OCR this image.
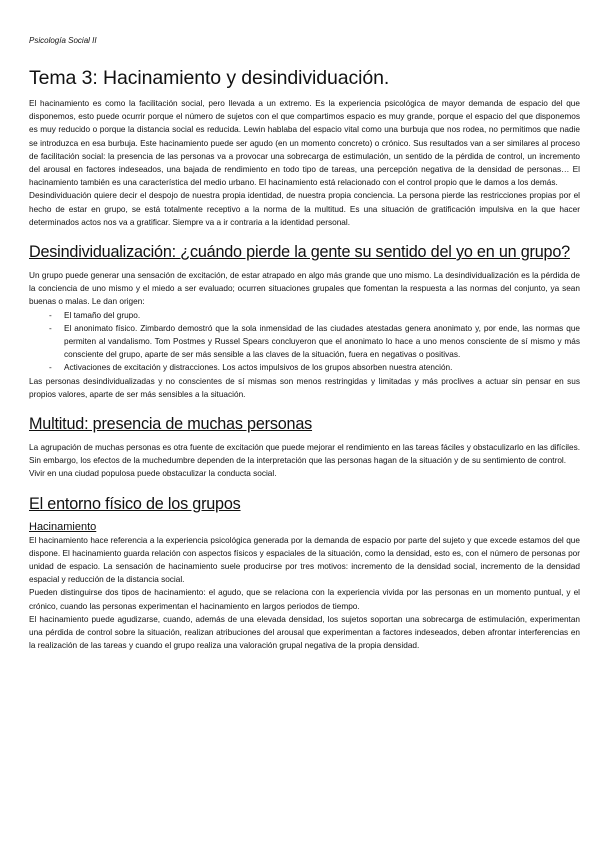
Psicología Social II
Tema 3: Hacinamiento y desindividuación.

El hacinamiento es como la facilitación social, pero llevada a un extremo. Es la experiencia psicológica de mayor demanda de espacio del que disponemos, esto puede ocurrir porque el número de sujetos con el que compartimos espacio es muy grande, porque el espacio del que disponemos es muy reducido o porque la distancia social es reducida. Lewin hablaba del espacio vital como una burbuja que nos rodea, no permitimos que nadie se introduzca en esa burbuja. Este hacinamiento puede ser agudo (en un momento concreto) o crónico. Sus resultados van a ser similares al proceso de facilitación social: la presencia de las personas va a provocar una sobrecarga de estimulación, un sentido de la pérdida de control, un incremento del arousal en factores indeseados, una bajada de rendimiento en todo tipo de tareas, una percepción negativa de la densidad de personas… El hacinamiento también es una característica del medio urbano. El hacinamiento está relacionado con el control propio que le damos a los demás.

Desindividuación quiere decir el despojo de nuestra propia identidad, de nuestra propia conciencia. La persona pierde las restricciones propias por el hecho de estar en grupo, se está totalmente receptivo a la norma de la multitud. Es una situación de gratificación impulsiva en la que hacer determinados actos nos va a gratificar. Siempre va a ir contraria a la identidad personal.

Desindividualización: ¿cuándo pierde la gente su sentido del yo en un grupo?

Un grupo puede generar una sensación de excitación, de estar atrapado en algo más grande que uno mismo. La desindividualización es la pérdida de la conciencia de uno mismo y el miedo a ser evaluado; ocurren situaciones grupales que fomentan la respuesta a las normas del conjunto, ya sean buenas o malas. Le dan origen:

- El tamaño del grupo.
- El anonimato físico. Zimbardo demostró que la sola inmensidad de las ciudades atestadas genera anonimato y, por ende, las normas que permiten al vandalismo. Tom Postmes y Russel Spears concluyeron que el anonimato lo hace a uno menos consciente de sí mismo y más consciente del grupo, aparte de ser más sensible a las claves de la situación, fuera en negativas o positivas.
- Activaciones de excitación y distracciones. Los actos impulsivos de los grupos absorben nuestra atención.

Las personas desindividualizadas y no conscientes de sí mismas son menos restringidas y limitadas y más proclives a actuar sin pensar en sus propios valores, aparte de ser más sensibles a la situación.

Multitud: presencia de muchas personas

La agrupación de muchas personas es otra fuente de excitación que puede mejorar el rendimiento en las tareas fáciles y obstaculizarlo en las difíciles. Sin embargo, los efectos de la muchedumbre dependen de la interpretación que las personas hagan de la situación y de su sentimiento de control.

Vivir en una ciudad populosa puede obstaculizar la conducta social.

El entorno físico de los grupos
Hacinamiento

El hacinamiento hace referencia a la experiencia psicológica generada por la demanda de espacio por parte del sujeto y que excede estamos del que dispone. El hacinamiento guarda relación con aspectos físicos y espaciales de la situación, como la densidad, esto es, con el número de personas por unidad de espacio. La sensación de hacinamiento suele producirse por tres motivos: incremento de la densidad social, incremento de la densidad espacial y reducción de la distancia social.

Pueden distinguirse dos tipos de hacinamiento: el agudo, que se relaciona con la experiencia vivida por las personas en un momento puntual, y el crónico, cuando las personas experimentan el hacinamiento en largos periodos de tiempo.

El hacinamiento puede agudizarse, cuando, además de una elevada densidad, los sujetos soportan una sobrecarga de estimulación, experimentan una pérdida de control sobre la situación, realizan atribuciones del arousal que experimentan a factores indeseados, deben afrontar interferencias en la realización de las tareas y cuando el grupo realiza una valoración grupal negativa de la propia densidad.
